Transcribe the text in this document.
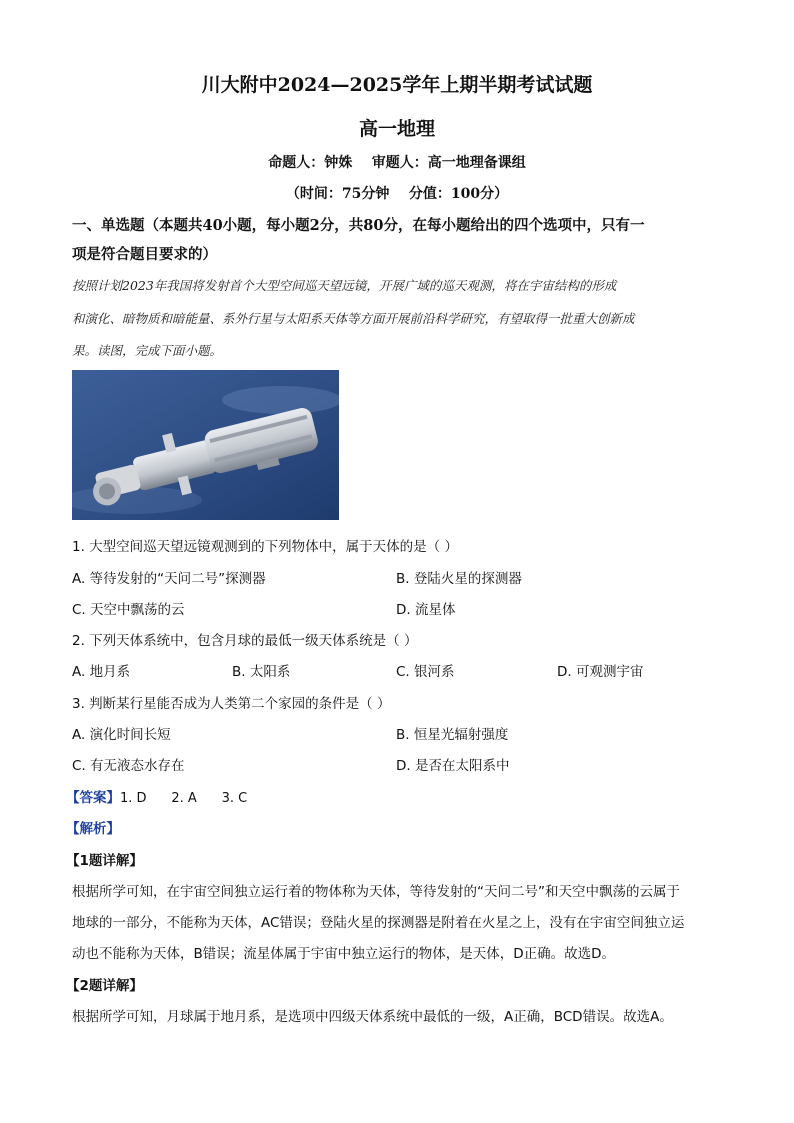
川大附中2024—2025学年上期半期考试试题
高一地理
命题人：钟姝    审题人：高一地理备课组
（时间：75分钟    分值：100分）
一、单选题（本题共40小题，每小题2分，共80分，在每小题给出的四个选项中，只有一
项是符合题目要求的）
按照计划2023年我国将发射首个大型空间巡天望远镜，开展广域的巡天观测，将在宇宙结构的形成
和演化、暗物质和暗能量、系外行星与太阳系天体等方面开展前沿科学研究，有望取得一批重大创新成
果。读图，完成下面小题。
1. 大型空间巡天望远镜观测到的下列物体中，属于天体的是（ ）
A. 等待发射的“天问二号”探测器	B. 登陆火星的探测器
C. 天空中飘荡的云	D. 流星体
2. 下列天体系统中，包含月球的最低一级天体系统是（ ）
A. 地月系	B. 太阳系	C. 银河系	D. 可观测宇宙
3. 判断某行星能否成为人类第二个家园的条件是（ ）
A. 演化时间长短	B. 恒星光辐射强度
C. 有无液态水存在	D. 是否在太阳系中
【答案】1. D      2. A      3. C
【解析】
【1题详解】
根据所学可知，在宇宙空间独立运行着的物体称为天体，等待发射的“天问二号”和天空中飘荡的云属于
地球的一部分，不能称为天体，AC错误；登陆火星的探测器是附着在火星之上，没有在宇宙空间独立运
动也不能称为天体，B错误；流星体属于宇宙中独立运行的物体，是天体，D正确。故选D。
【2题详解】
根据所学可知，月球属于地月系，是选项中四级天体系统中最低的一级，A正确，BCD错误。故选A。
